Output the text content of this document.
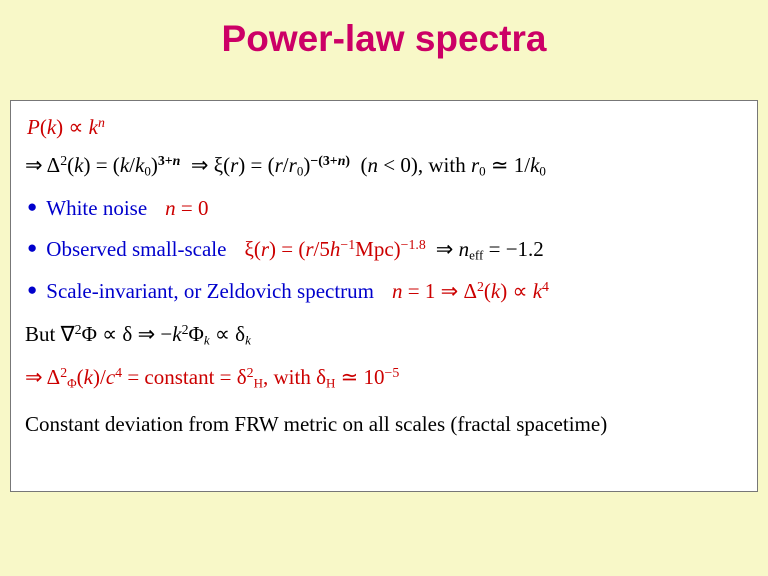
Power-law spectra
$P(k) \propto k^n$
⇒ $\Delta^2(k) = (k/k_0)^{3+n}$  ⇒ $\xi(r) = (r/r_0)^{-(3+n)}$  (n < 0), with $r_0$ ≃ $1/k_0$
● White noise n = 0
● Observed small-scale $\xi(r) = (r/5h^{-1}Mpc)^{-1.8}$ ⇒ $n_{eff} = -1.2$
● Scale-invariant, or Zeldovich spectrum n = 1 ⇒ $\Delta^2(k) \propto k^4$
But ∇$^2$Φ ∝ δ ⇒ $-k^2\Phi_k \propto \delta_k$
⇒ $\Delta^2_\Phi(k)/c^4$ = constant = $\delta^2_H$, with $\delta_H$ ≃ $10^{-5}$
Constant deviation from FRW metric on all scales (fractal spacetime)
